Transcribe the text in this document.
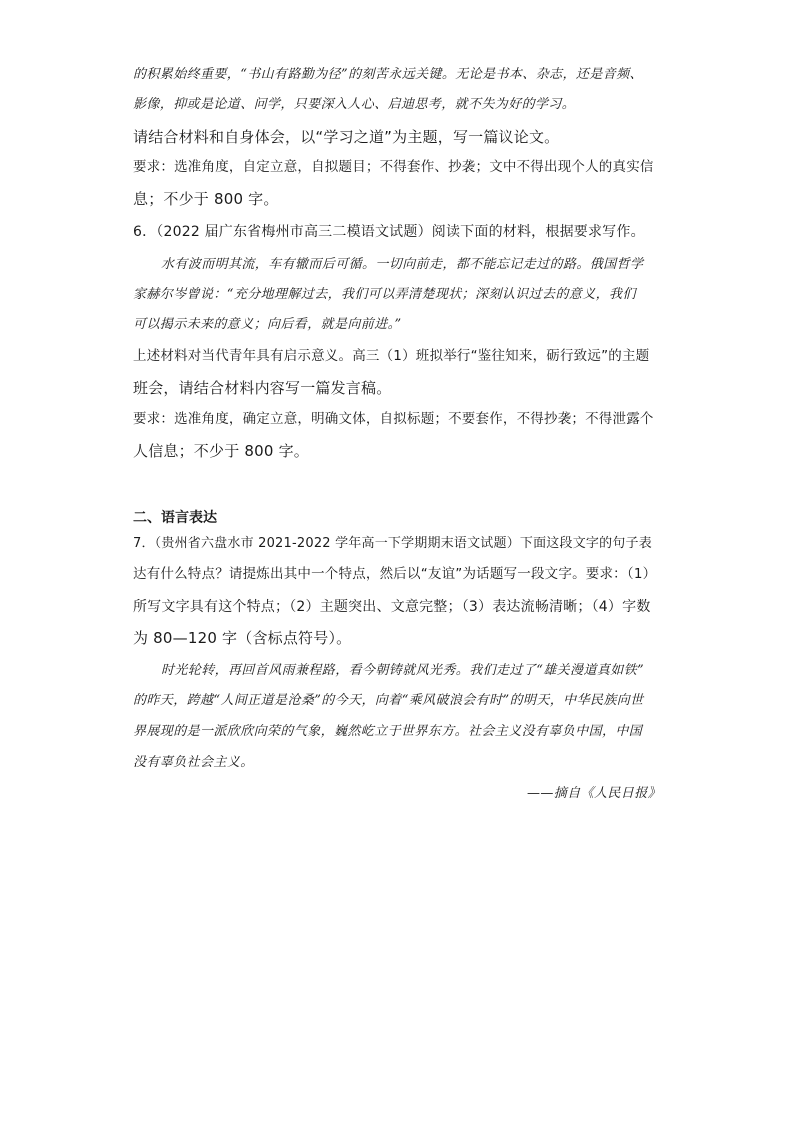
的积累始终重要，“书山有路勤为径”的刻苦永远关键。无论是书本、杂志，还是音频、
影像，抑或是论道、问学，只要深入人心、启迪思考，就不失为好的学习。
请结合材料和自身体会，以“学习之道”为主题，写一篇议论文。
要求：选准角度，自定立意，自拟题目；不得套作、抄袭；文中不得出现个人的真实信
息；不少于 800 字。
6．（2022 届广东省梅州市高三二模语文试题）阅读下面的材料，根据要求写作。
水有波而明其流，车有辙而后可循。一切向前走，都不能忘记走过的路。俄国哲学
家赫尔岑曾说：“充分地理解过去，我们可以弄清楚现状；深刻认识过去的意义，我们
可以揭示未来的意义；向后看，就是向前进。”
上述材料对当代青年具有启示意义。高三（1）班拟举行“鉴往知来，砺行致远”的主题
班会，请结合材料内容写一篇发言稿。
要求：选准角度，确定立意，明确文体，自拟标题；不要套作，不得抄袭；不得泄露个
人信息；不少于 800 字。
二、语言表达
7．（贵州省六盘水市 2021-2022 学年高一下学期期末语文试题）下面这段文字的句子表
达有什么特点？请提炼出其中一个特点，然后以“友谊”为话题写一段文字。要求：（1）
所写文字具有这个特点；（2）主题突出、文意完整；（3）表达流畅清晰；（4）字数
为 80—120 字（含标点符号）。
时光轮转，再回首风雨兼程路，看今朝铸就风光秀。我们走过了“雄关漫道真如铁”
的昨天，跨越“人间正道是沧桑”的今天，向着“乘风破浪会有时”的明天，中华民族向世
界展现的是一派欣欣向荣的气象，巍然屹立于世界东方。社会主义没有辜负中国，中国
没有辜负社会主义。
——摘自《人民日报》
